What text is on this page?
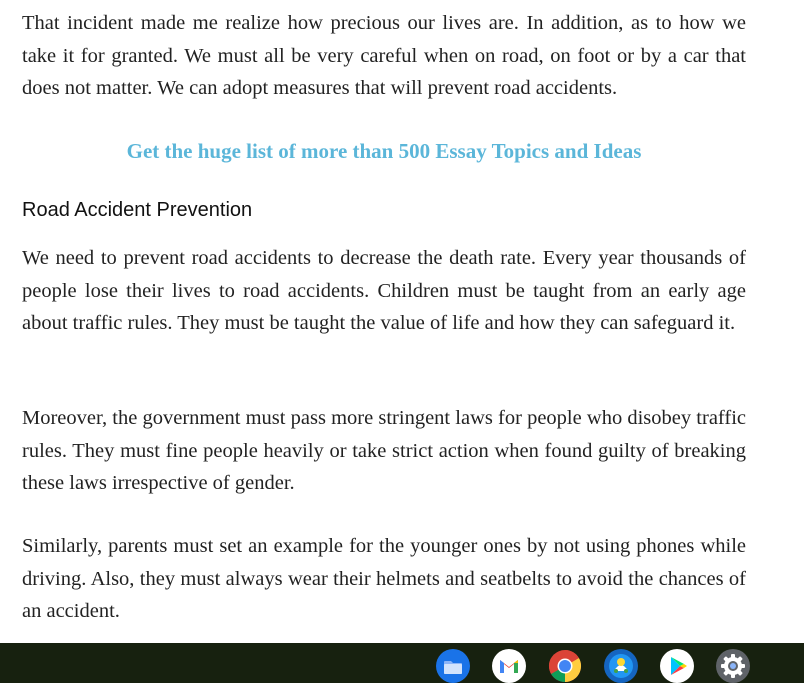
That incident made me realize how precious our lives are. In addition, as to how we take it for granted. We must all be very careful when on road, on foot or by a car that does not matter. We can adopt measures that will prevent road accidents.

Get the huge list of more than 500 Essay Topics and Ideas
Road Accident Prevention

We need to prevent road accidents to decrease the death rate. Every year thousands of people lose their lives to road accidents. Children must be taught from an early age about traffic rules. They must be taught the value of life and how they can safeguard it.

Moreover, the government must pass more stringent laws for people who disobey traffic rules. They must fine people heavily or take strict action when found guilty of breaking these laws irrespective of gender.

Similarly, parents must set an example for the younger ones by not using phones while driving. Also, they must always wear their helmets and seatbelts to avoid the chances of an accident.
